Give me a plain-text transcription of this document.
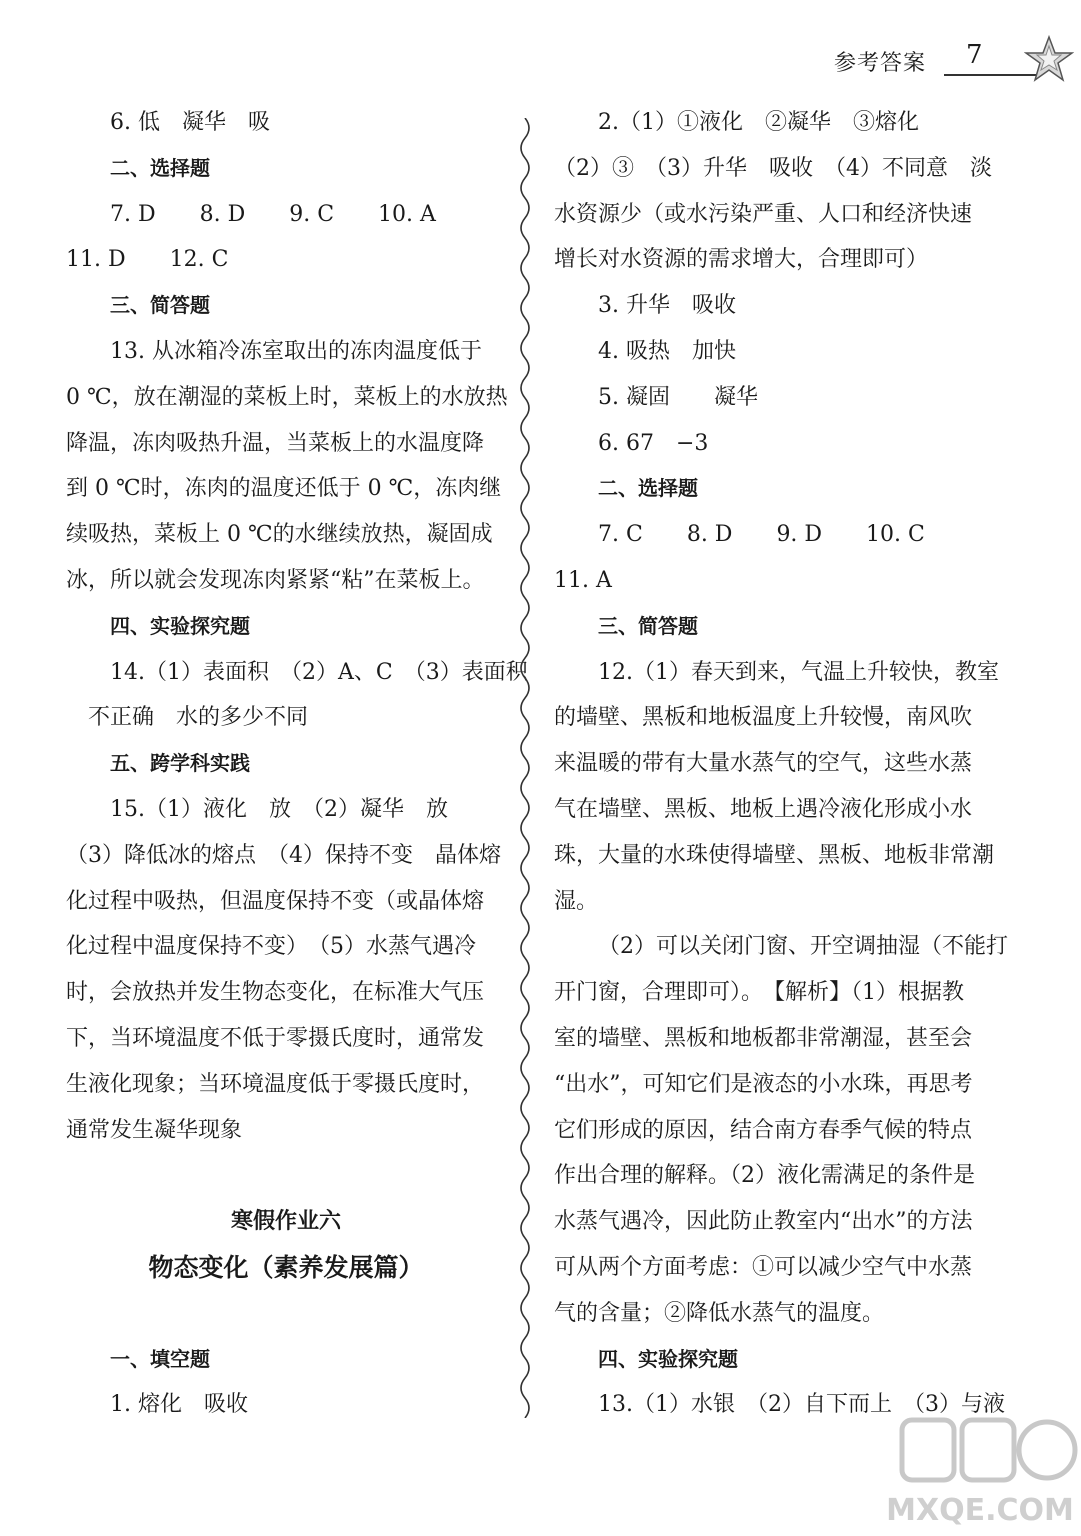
参考答案 7
6. 低　凝华　吸
二、选择题
7. D　　8. D　　9. C　　10. A
11. D　　12. C
三、简答题
13. 从冰箱冷冻室取出的冻肉温度低于
0 ℃，放在潮湿的菜板上时，菜板上的水放热
降温，冻肉吸热升温，当菜板上的水温度降
到 0 ℃时，冻肉的温度还低于 0 ℃，冻肉继
续吸热，菜板上 0 ℃的水继续放热，凝固成
冰，所以就会发现冻肉紧紧“粘”在菜板上。
四、实验探究题
14.（1）表面积　（2）A、C　（3）表面积
不正确　水的多少不同
五、跨学科实践
15.（1）液化　放　（2）凝华　放
（3）降低冰的熔点　（4）保持不变　晶体熔
化过程中吸热，但温度保持不变（或晶体熔
化过程中温度保持不变）　（5）水蒸气遇冷
时，会放热并发生物态变化，在标准大气压
下，当环境温度不低于零摄氏度时，通常发
生液化现象；当环境温度低于零摄氏度时，
通常发生凝华现象
寒假作业六
物态变化（素养发展篇）
一、填空题
1. 熔化　吸收
2.（1）①液化　②凝华　③熔化
（2）③　（3）升华　吸收　（4）不同意　淡
水资源少（或水污染严重、人口和经济快速
增长对水资源的需求增大，合理即可）
3. 升华　吸收
4. 吸热　加快
5. 凝固　　凝华
6. 67　−3
二、选择题
7. C　　8. D　　9. D　　10. C
11. A
三、简答题
12.（1）春天到来，气温上升较快，教室
的墙壁、黑板和地板温度上升较慢，南风吹
来温暖的带有大量水蒸气的空气，这些水蒸
气在墙壁、黑板、地板上遇冷液化形成小水
珠，大量的水珠使得墙壁、黑板、地板非常潮
湿。
（2）可以关闭门窗、开空调抽湿（不能打
开门窗，合理即可）。　【解析】（1）根据教
室的墙壁、黑板和地板都非常潮湿，甚至会
“出水”，可知它们是液态的小水珠，再思考
它们形成的原因，结合南方春季气候的特点
作出合理的解释。（2）液化需满足的条件是
水蒸气遇冷，因此防止教室内“出水”的方法
可从两个方面考虑：①可以减少空气中水蒸
气的含量；②降低水蒸气的温度。
四、实验探究题
13.（1）水银　（2）自下而上　（3）与液
MXQE.COM
